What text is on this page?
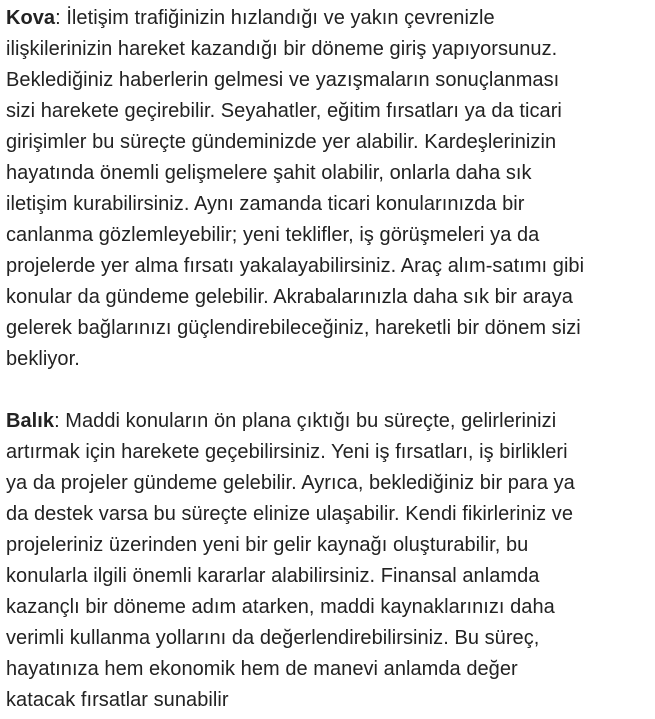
Kova: İletişim trafiğinizin hızlandığı ve yakın çevrenizle
ilişkilerinizin hareket kazandığı bir döneme giriş yapıyorsunuz.
Beklediğiniz haberlerin gelmesi ve yazışmaların sonuçlanması
sizi harekete geçirebilir. Seyahatler, eğitim fırsatları ya da ticari
girişimler bu süreçte gündeminizde yer alabilir. Kardeşlerinizin
hayatında önemli gelişmelere şahit olabilir, onlarla daha sık
iletişim kurabilirsiniz. Aynı zamanda ticari konularınızda bir
canlanma gözlemleyebilir; yeni teklifler, iş görüşmeleri ya da
projelerde yer alma fırsatı yakalayabilirsiniz. Araç alım-satımı gibi
konular da gündeme gelebilir. Akrabalarınızla daha sık bir araya
gelerek bağlarınızı güçlendirebileceğiniz, hareketli bir dönem sizi
bekliyor.

Balık: Maddi konuların ön plana çıktığı bu süreçte, gelirlerinizi
artırmak için harekete geçebilirsiniz. Yeni iş fırsatları, iş birlikleri
ya da projeler gündeme gelebilir. Ayrıca, beklediğiniz bir para ya
da destek varsa bu süreçte elinize ulaşabilir. Kendi fikirleriniz ve
projeleriniz üzerinden yeni bir gelir kaynağı oluşturabilir, bu
konularla ilgili önemli kararlar alabilirsiniz. Finansal anlamda
kazançlı bir döneme adım atarken, maddi kaynaklarınızı daha
verimli kullanma yollarını da değerlendirebilirsiniz. Bu süreç,
hayatınıza hem ekonomik hem de manevi anlamda değer
katacak fırsatlar sunabilir
